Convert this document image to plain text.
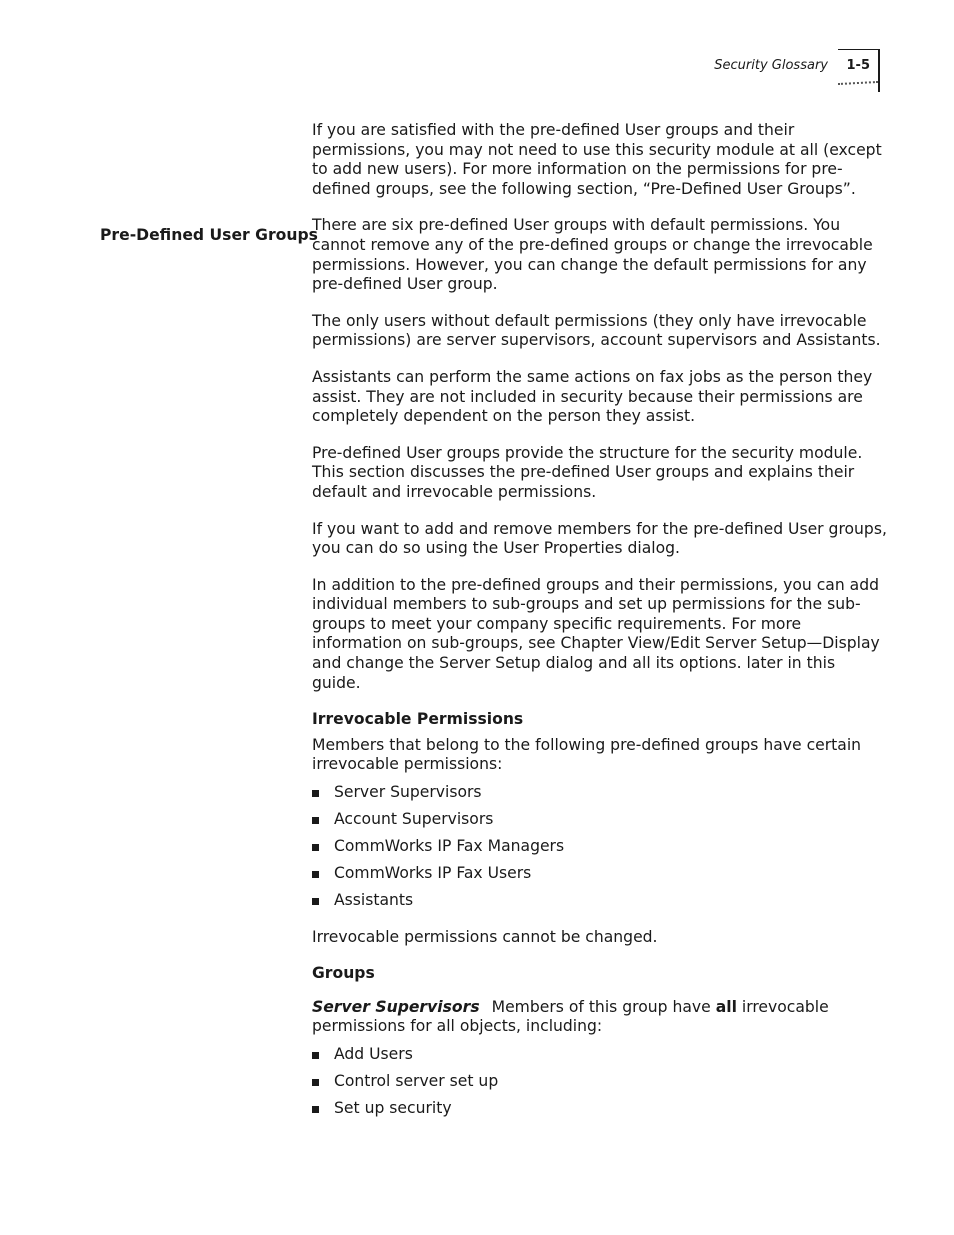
Security Glossary 1-5
Pre-Defined User Groups

If you are satisfied with the pre-defined User groups and their permissions, you may not need to use this security module at all (except to add new users). For more information on the permissions for pre-defined groups, see the following section, “Pre-Defined User Groups”.

There are six pre-defined User groups with default permissions. You cannot remove any of the pre-defined groups or change the irrevocable permissions. However, you can change the default permissions for any pre-defined User group.

The only users without default permissions (they only have irrevocable permissions) are server supervisors, account supervisors and Assistants.

Assistants can perform the same actions on fax jobs as the person they assist. They are not included in security because their permissions are completely dependent on the person they assist.

Pre-defined User groups provide the structure for the security module. This section discusses the pre-defined User groups and explains their default and irrevocable permissions.

If you want to add and remove members for the pre-defined User groups, you can do so using the User Properties dialog.

In addition to the pre-defined groups and their permissions, you can add individual members to sub-groups and set up permissions for the sub-groups to meet your company specific requirements. For more information on sub-groups, see Chapter View/Edit Server Setup—Display and change the Server Setup dialog and all its options. later in this guide.

Irrevocable Permissions

Members that belong to the following pre-defined groups have certain irrevocable permissions:

Server Supervisors
Account Supervisors
CommWorks IP Fax Managers
CommWorks IP Fax Users
Assistants

Irrevocable permissions cannot be changed.

Groups

Server Supervisors Members of this group have all irrevocable permissions for all objects, including:

Add Users
Control server set up
Set up security
